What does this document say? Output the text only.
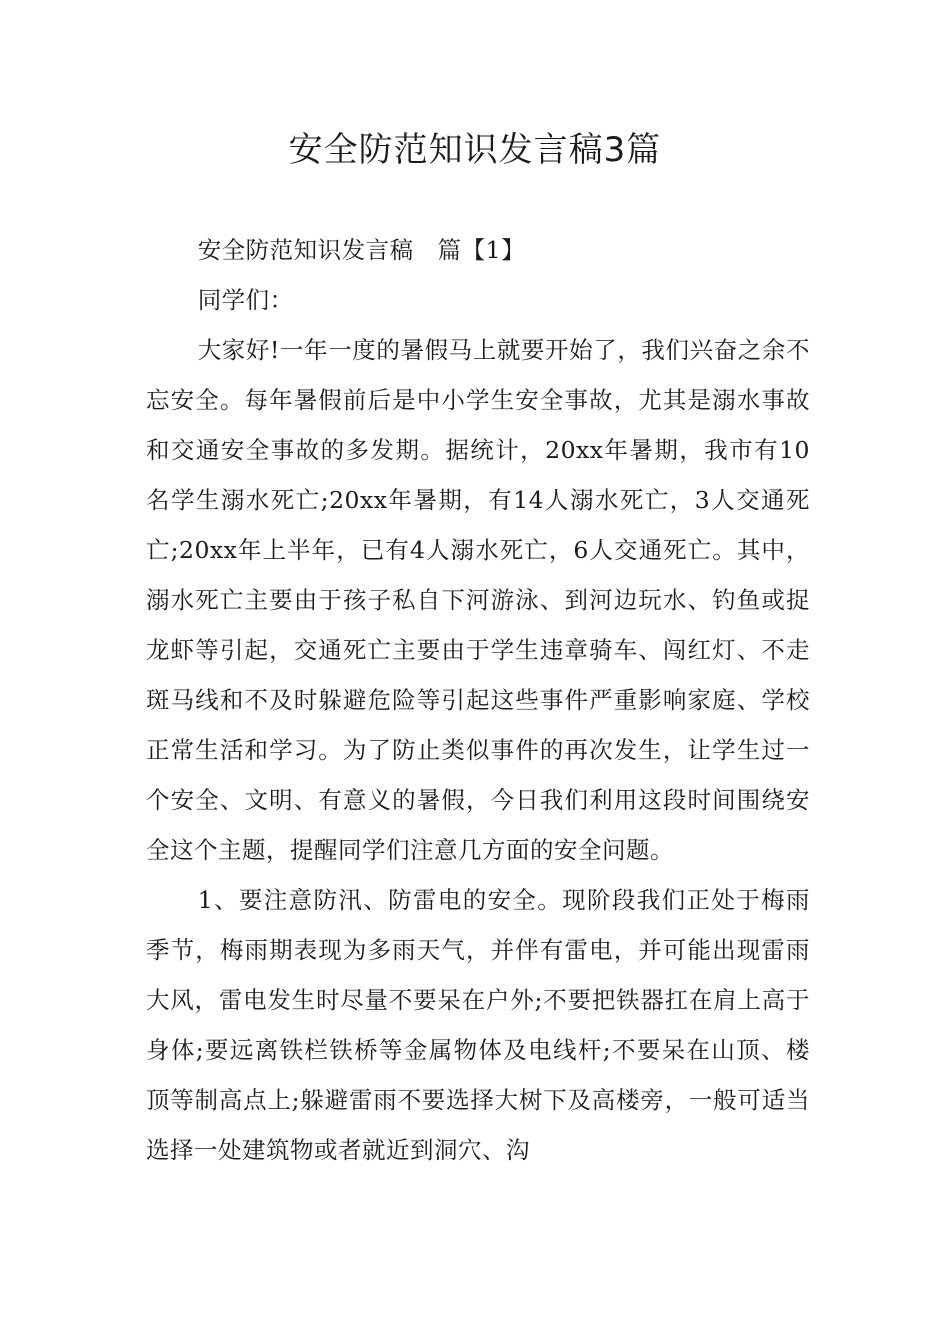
安全防范知识发言稿3篇

安全防范知识发言稿　篇【1】

同学们：

大家好!一年一度的暑假马上就要开始了，我们兴奋之余不忘安全。每年暑假前后是中小学生安全事故，尤其是溺水事故和交通安全事故的多发期。据统计，20xx年暑期，我市有10名学生溺水死亡;20xx年暑期，有14人溺水死亡，3人交通死亡;20xx年上半年，已有4人溺水死亡，6人交通死亡。其中，溺水死亡主要由于孩子私自下河游泳、到河边玩水、钓鱼或捉龙虾等引起，交通死亡主要由于学生违章骑车、闯红灯、不走斑马线和不及时躲避危险等引起这些事件严重影响家庭、学校正常生活和学习。为了防止类似事件的再次发生，让学生过一个安全、文明、有意义的暑假，今日我们利用这段时间围绕安全这个主题，提醒同学们注意几方面的安全问题。

1、要注意防汛、防雷电的安全。现阶段我们正处于梅雨季节，梅雨期表现为多雨天气，并伴有雷电，并可能出现雷雨大风，雷电发生时尽量不要呆在户外;不要把铁器扛在肩上高于身体;要远离铁栏铁桥等金属物体及电线杆;不要呆在山顶、楼顶等制高点上;躲避雷雨不要选择大树下及高楼旁，一般可适当选择一处建筑物或者就近到洞穴、沟
